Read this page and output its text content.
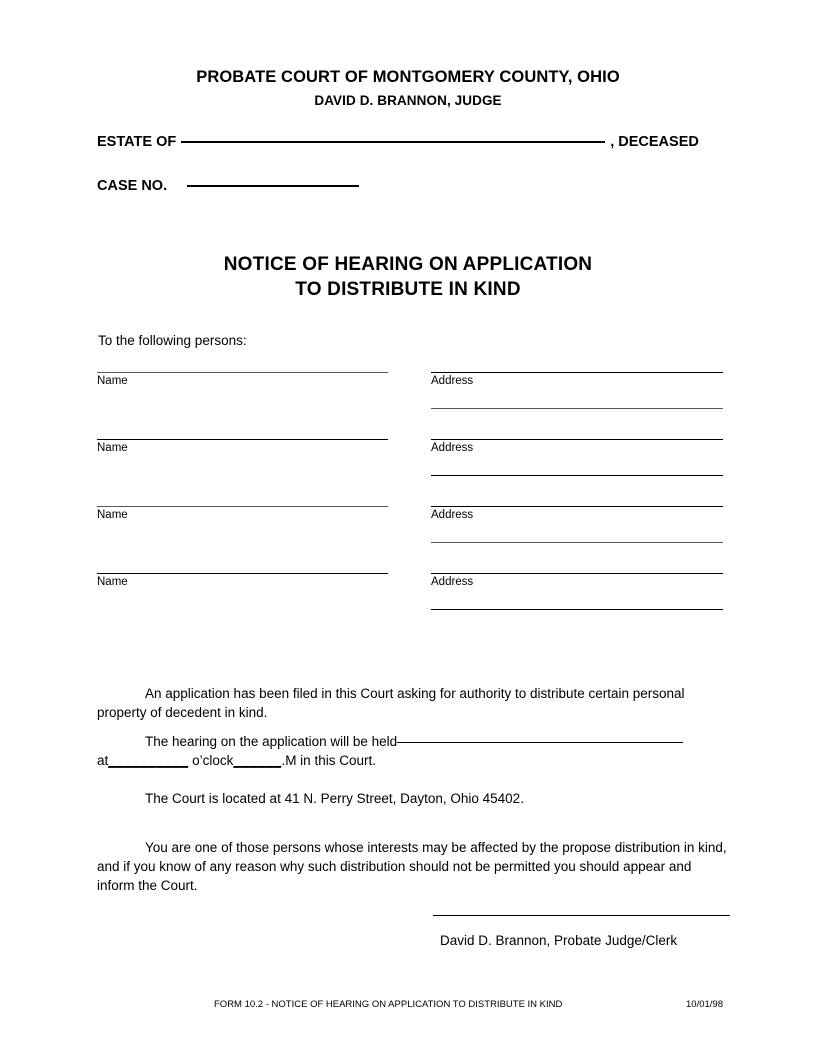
PROBATE COURT OF MONTGOMERY COUNTY, OHIO
DAVID D. BRANNON, JUDGE
ESTATE OF	, DECEASED
CASE NO.
NOTICE OF HEARING ON APPLICATION
TO DISTRIBUTE IN KIND
To the following persons:
Name	Address
Name	Address
Name	Address
Name	Address
An application has been filed in this Court asking for authority to distribute certain personal property of decedent in kind.
The hearing on the application will be held
at__________ o’clock______.M in this Court.
The Court is located at 41 N. Perry Street, Dayton, Ohio 45402.
You are one of those persons whose interests may be affected by the propose distribution in kind, and if you know of any reason why such distribution should not be permitted you should appear and inform the Court.
David D. Brannon, Probate Judge/Clerk
FORM 10.2 - NOTICE OF HEARING ON APPLICATION TO DISTRIBUTE IN KIND	10/01/98
